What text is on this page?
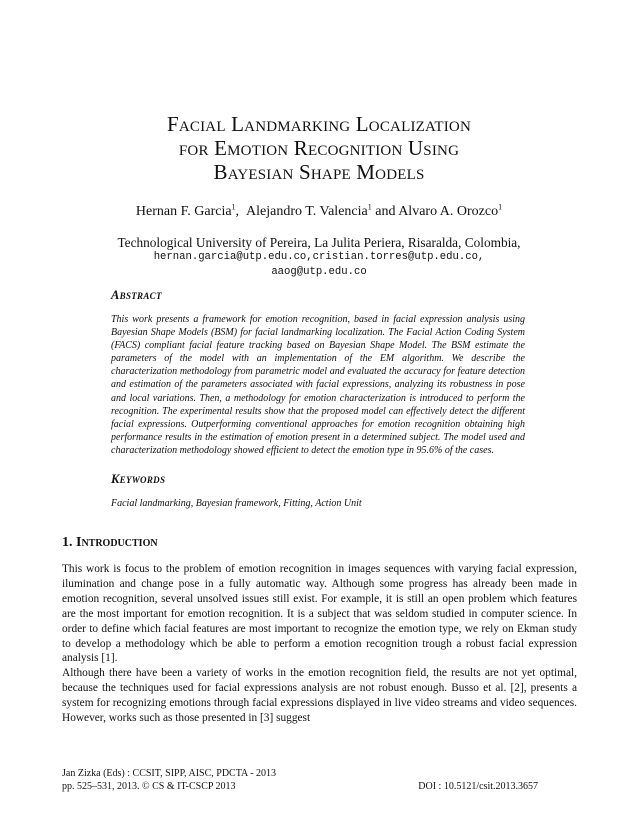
Facial Landmarking Localization
for Emotion Recognition Using
Bayesian Shape Models
Hernan F. Garcia$^1$,  Alejandro T. Valencia$^1$ and Alvaro A. Orozco$^1$
Technological University of Pereira, La Julita Periera, Risaralda, Colombia,
hernan.garcia@utp.edu.co,cristian.torres@utp.edu.co,
aaog@utp.edu.co
Abstract
This work presents a framework for emotion recognition, based in facial expression analysis using Bayesian Shape Models (BSM) for facial landmarking localization. The Facial Action Coding System (FACS) compliant facial feature tracking based on Bayesian Shape Model. The BSM estimate the parameters of the model with an implementation of the EM algorithm. We describe the characterization methodology from parametric model and evaluated the accuracy for feature detection and estimation of the parameters associated with facial expressions, analyzing its robustness in pose and local variations. Then, a methodology for emotion characterization is introduced to perform the recognition. The experimental results show that the proposed model can effectively detect the different facial expressions. Outperforming conventional approaches for emotion recognition obtaining high performance results in the estimation of emotion present in a determined subject. The model used and characterization methodology showed efficient to detect the emotion type in 95.6% of the cases.
Keywords
Facial landmarking, Bayesian framework, Fitting, Action Unit
1. Introduction
This work is focus to the problem of emotion recognition in images sequences with varying facial expression, ilumination and change pose in a fully automatic way. Although some progress has already been made in emotion recognition, several unsolved issues still exist. For example, it is still an open problem which features are the most important for emotion recognition. It is a subject that was seldom studied in computer science. In order to define which facial features are most important to recognize the emotion type, we rely on Ekman study to develop a methodology which be able to perform a emotion recognition trough a robust facial expression analysis [1].
Although there have been a variety of works in the emotion recognition field, the results are not yet optimal, because the techniques used for facial expressions analysis are not robust enough. Busso et al. [2], presents a system for recognizing emotions through facial expressions displayed in live video streams and video sequences. However, works such as those presented in [3] suggest
Jan Zizka (Eds) : CCSIT, SIPP, AISC, PDCTA - 2013
pp. 525–531, 2013. © CS & IT-CSCP 2013	DOI : 10.5121/csit.2013.3657
